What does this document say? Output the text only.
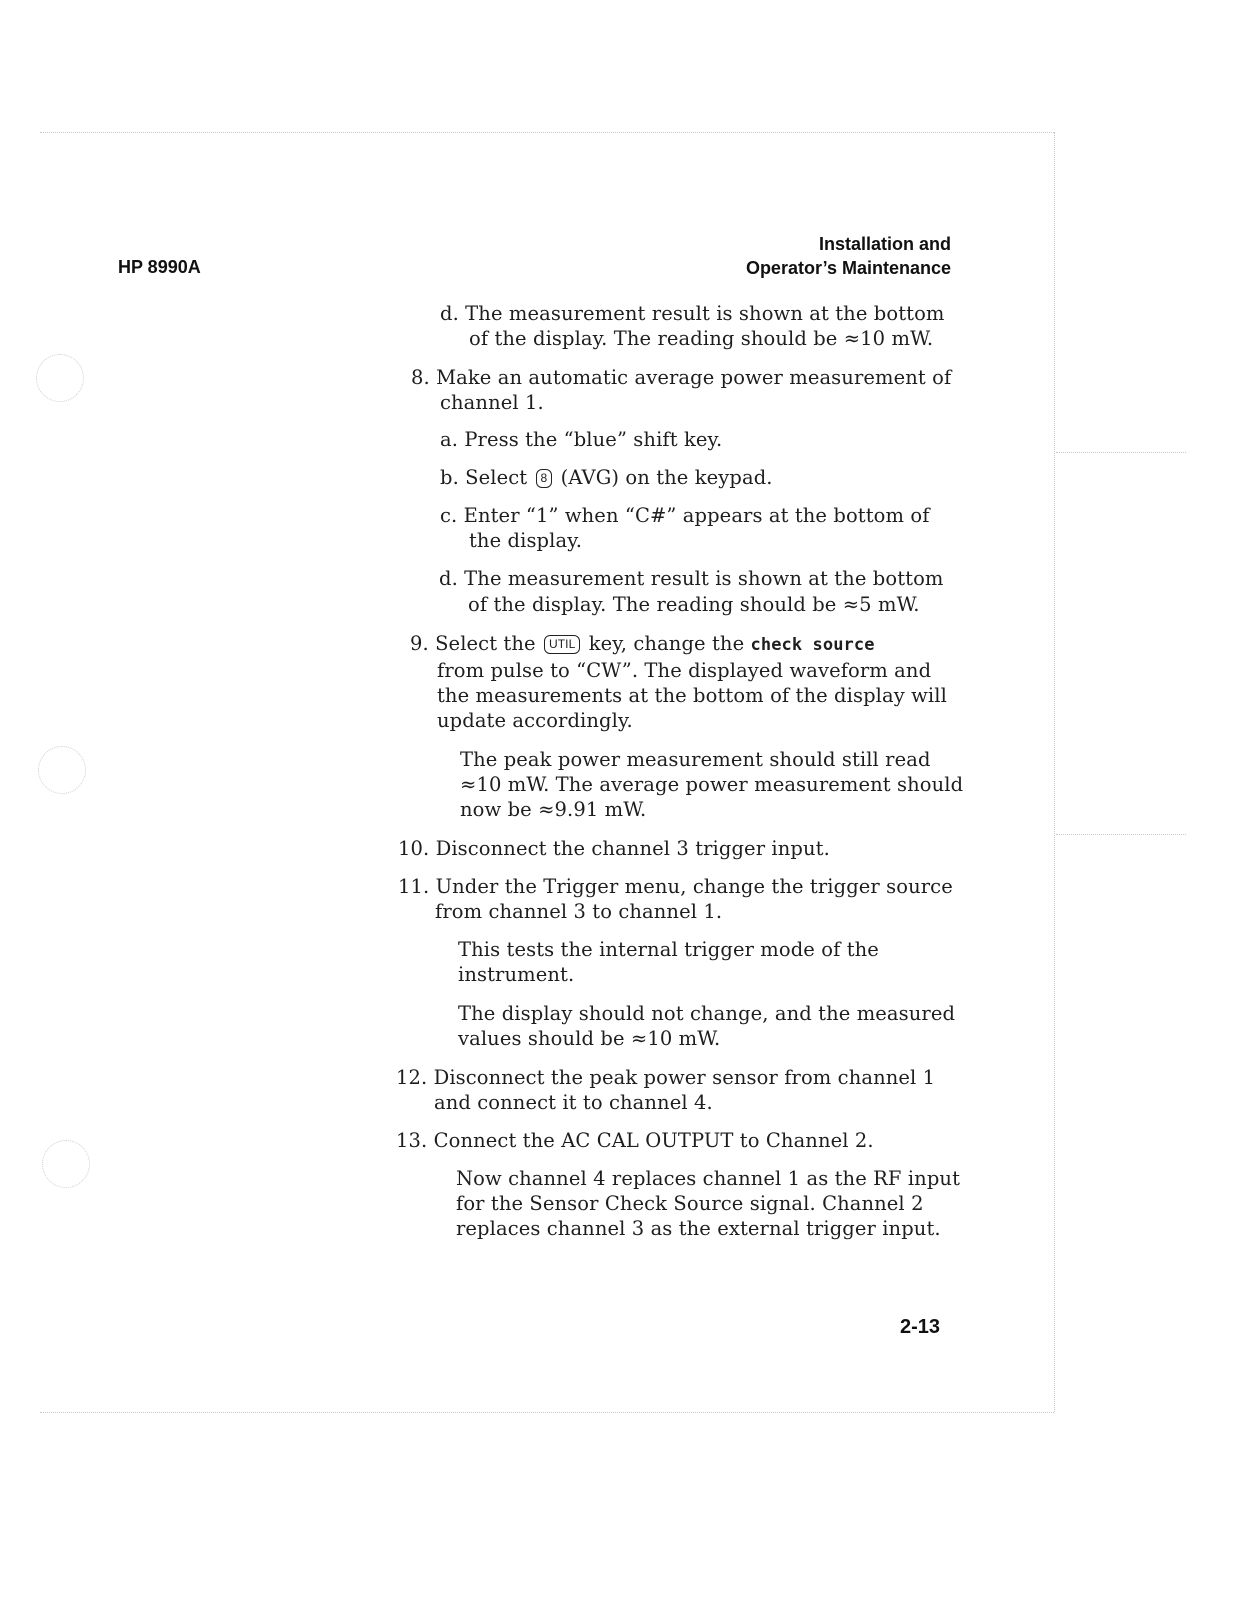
HP 8990A
Installation and
Operator’s Maintenance
d. The measurement result is shown at the bottom
of the display. The reading should be ≈10 mW.
8. Make an automatic average power measurement of
channel 1.
a. Press the “blue” shift key.
b. Select 8 (AVG) on the keypad.
c. Enter “1” when “C#” appears at the bottom of
the display.
d. The measurement result is shown at the bottom
of the display. The reading should be ≈5 mW.
9. Select the UTIL key, change the check source
from pulse to “CW”. The displayed waveform and
the measurements at the bottom of the display will
update accordingly.
The peak power measurement should still read
≈10 mW. The average power measurement should
now be ≈9.91 mW.
10. Disconnect the channel 3 trigger input.
11. Under the Trigger menu, change the trigger source
from channel 3 to channel 1.
This tests the internal trigger mode of the
instrument.
The display should not change, and the measured
values should be ≈10 mW.
12. Disconnect the peak power sensor from channel 1
and connect it to channel 4.
13. Connect the AC CAL OUTPUT to Channel 2.
Now channel 4 replaces channel 1 as the RF input
for the Sensor Check Source signal. Channel 2
replaces channel 3 as the external trigger input.
2-13
